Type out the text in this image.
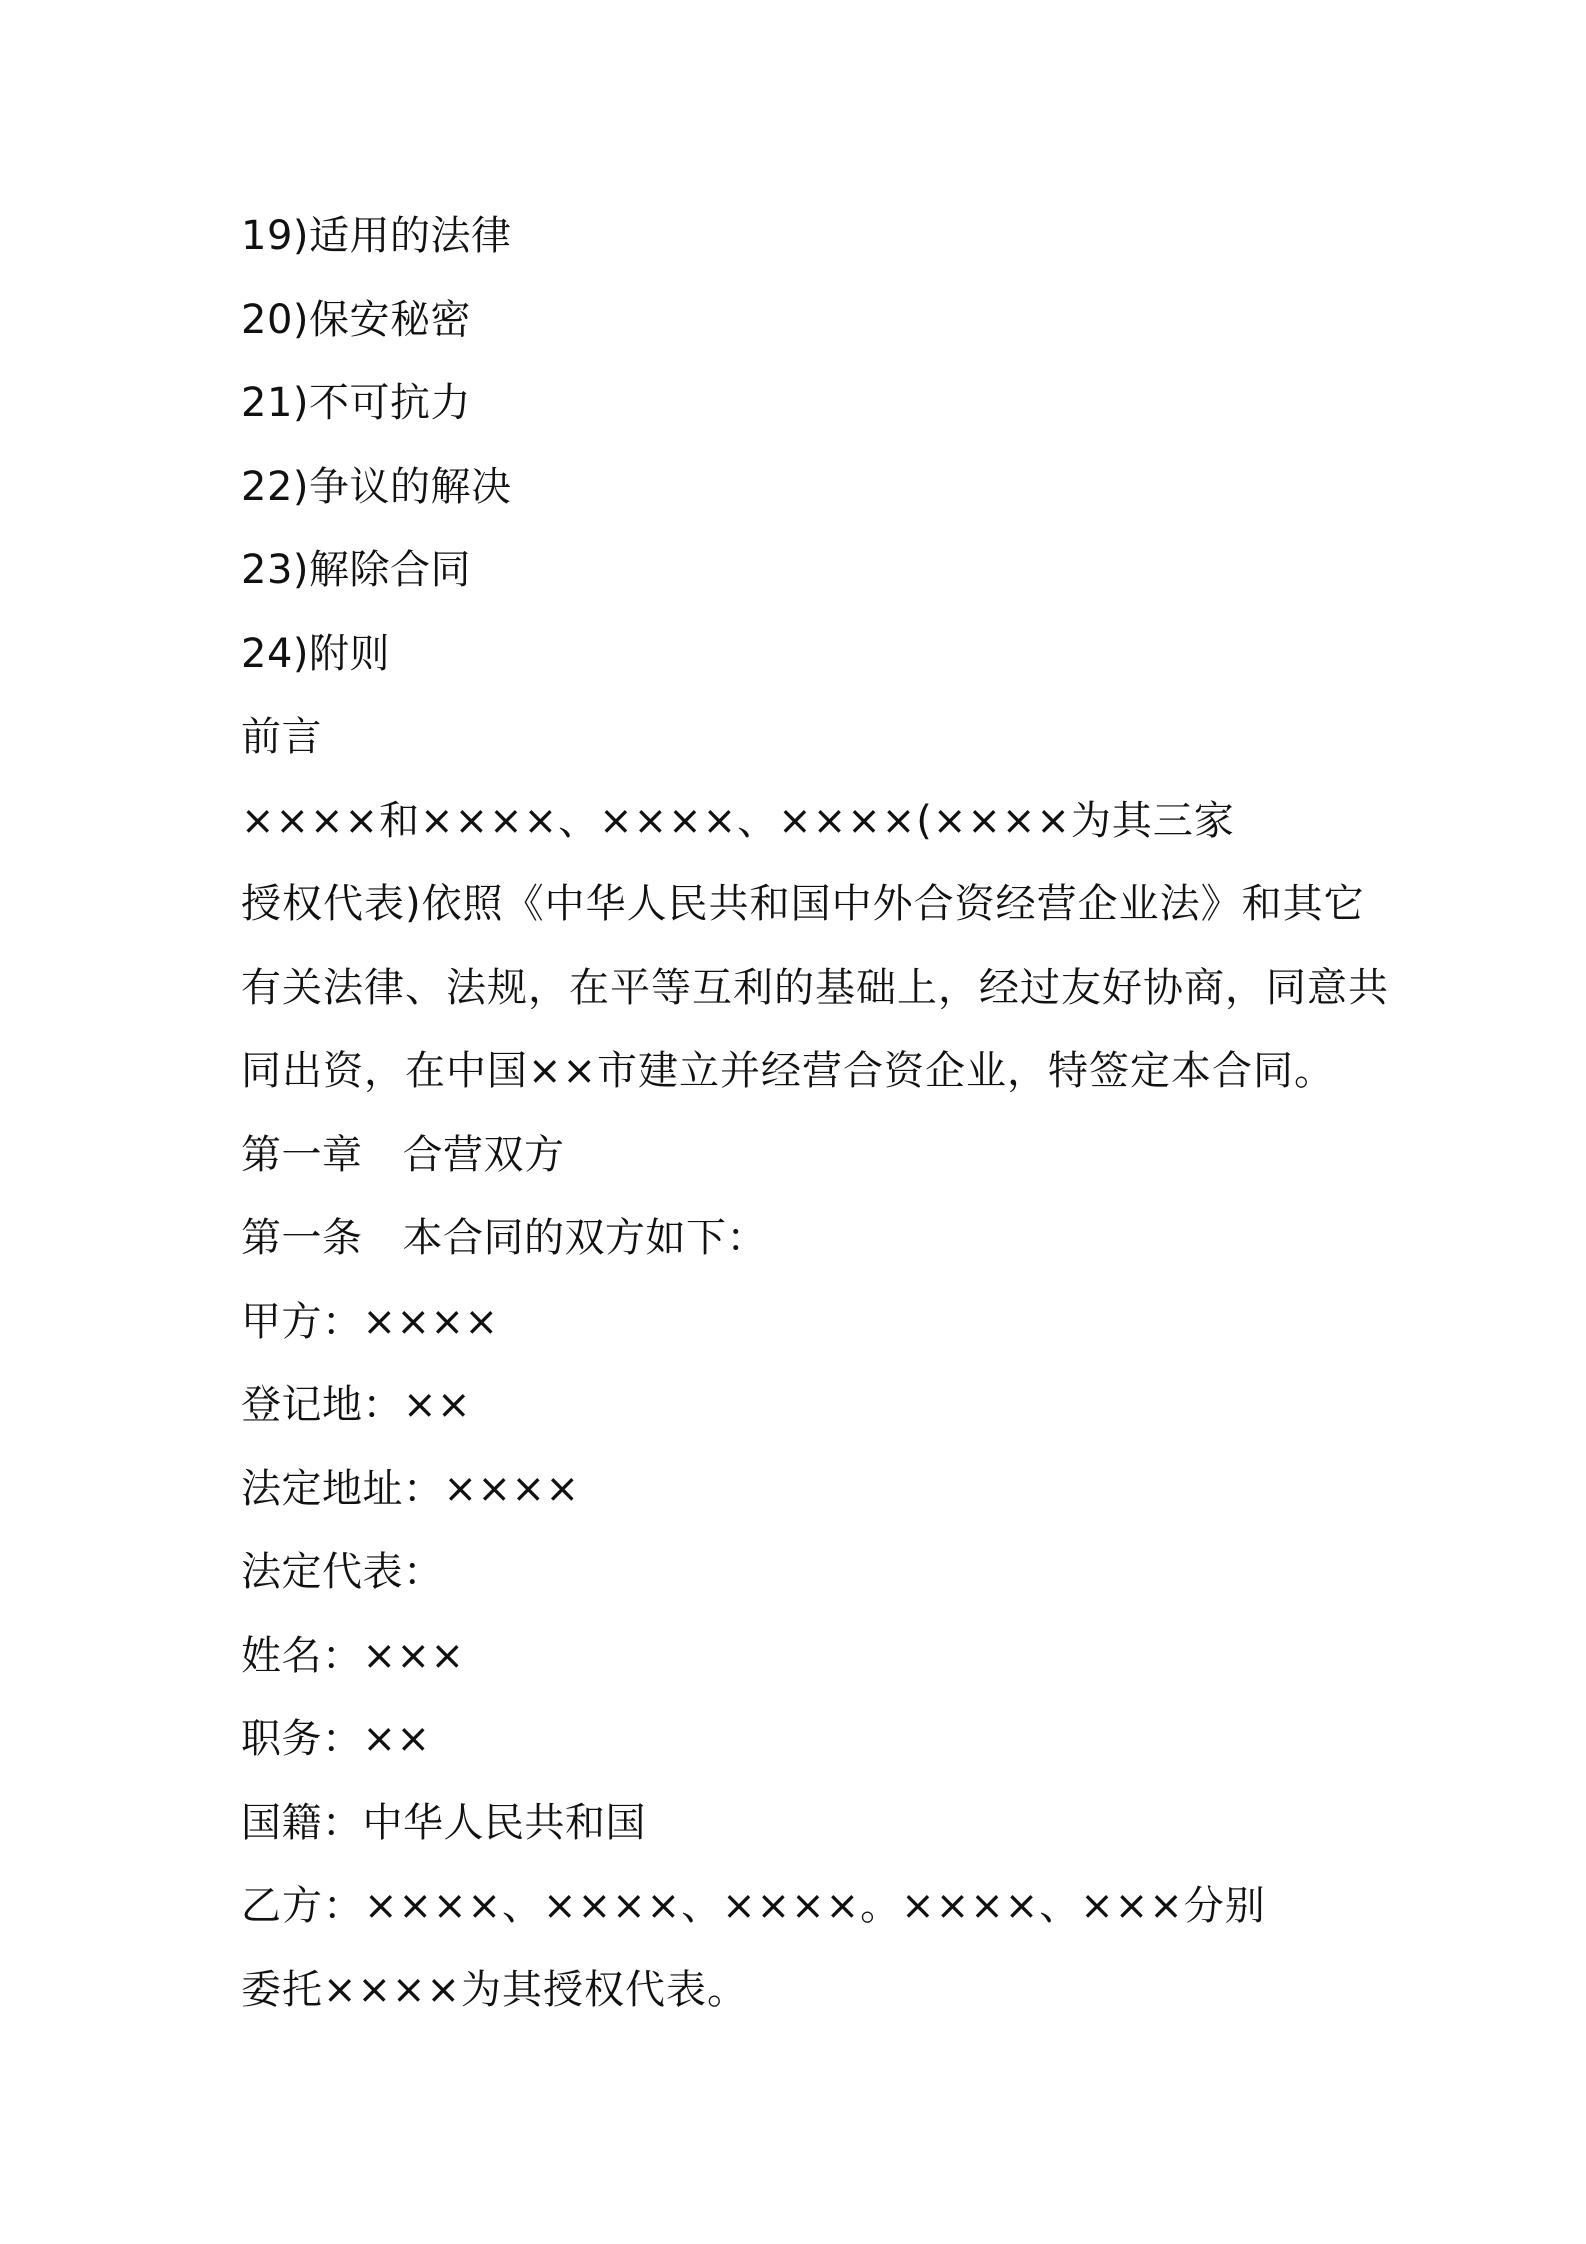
19)适用的法律
20)保安秘密
21)不可抗力
22)争议的解决
23)解除合同
24)附则
前言
××××和××××、××××、××××(××××为其三家
授权代表)依照《中华人民共和国中外合资经营企业法》和其它
有关法律、法规，在平等互利的基础上，经过友好协商，同意共
同出资，在中国××市建立并经营合资企业，特签定本合同。
第一章 合营双方
第一条 本合同的双方如下：
甲方：××××
登记地：××
法定地址：××××
法定代表：
姓名：×××
职务：××
国籍：中华人民共和国
乙方：××××、××××、××××。××××、×××分别
委托××××为其授权代表。
